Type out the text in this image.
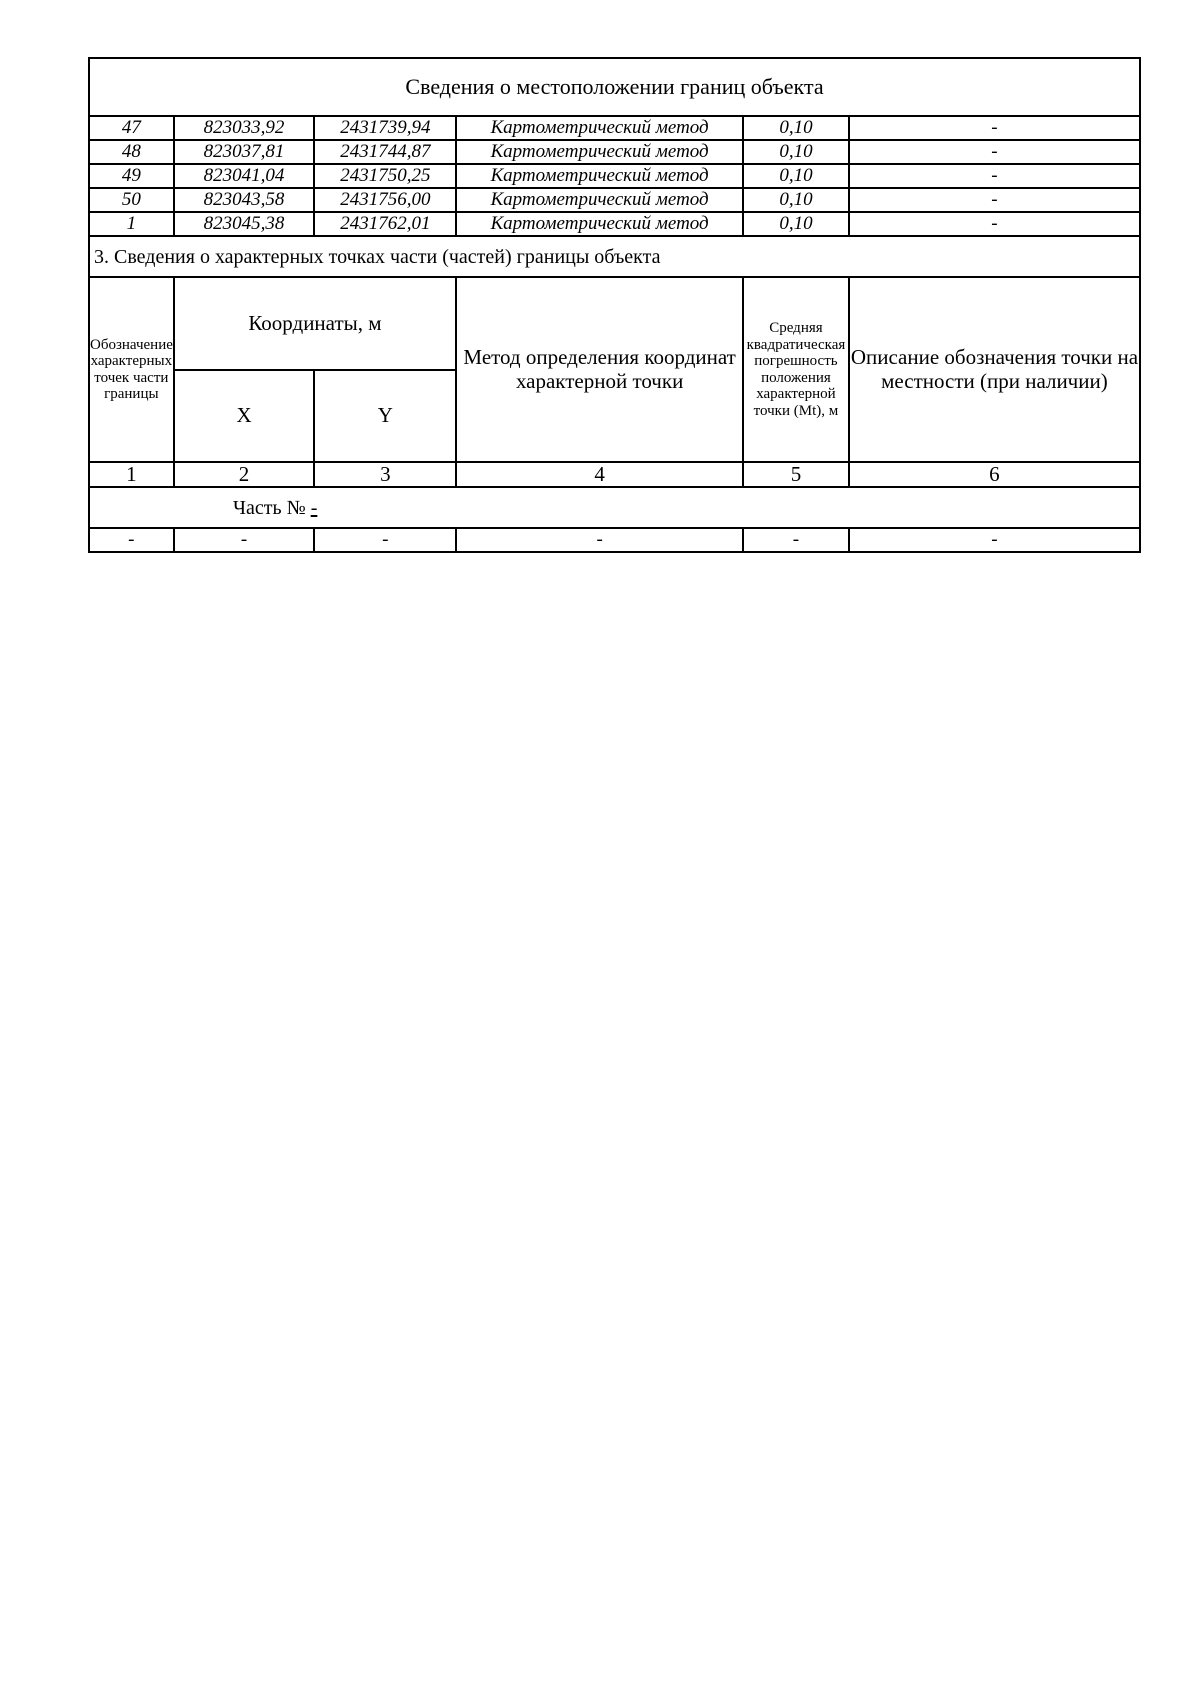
Сведения о местоположении границ объекта					
47	823033,92	2431739,94	Картометрический метод	0,10	-
48	823037,81	2431744,87	Картометрический метод	0,10	-
49	823041,04	2431750,25	Картометрический метод	0,10	-
50	823043,58	2431756,00	Картометрический метод	0,10	-
1	823045,38	2431762,01	Картометрический метод	0,10	-
3. Сведения о характерных точках части (частей) границы объекта					
Обозначение характерных точек части границы	Координаты, м		Метод определения координат характерной точки	Средняя квадратическая погрешность положения характерной точки (Mt), м	Описание обозначения точки на местности (при наличии)
	X	Y			
1	2	3	4	5	6
Часть № -					
-	-	-	-	-	-
